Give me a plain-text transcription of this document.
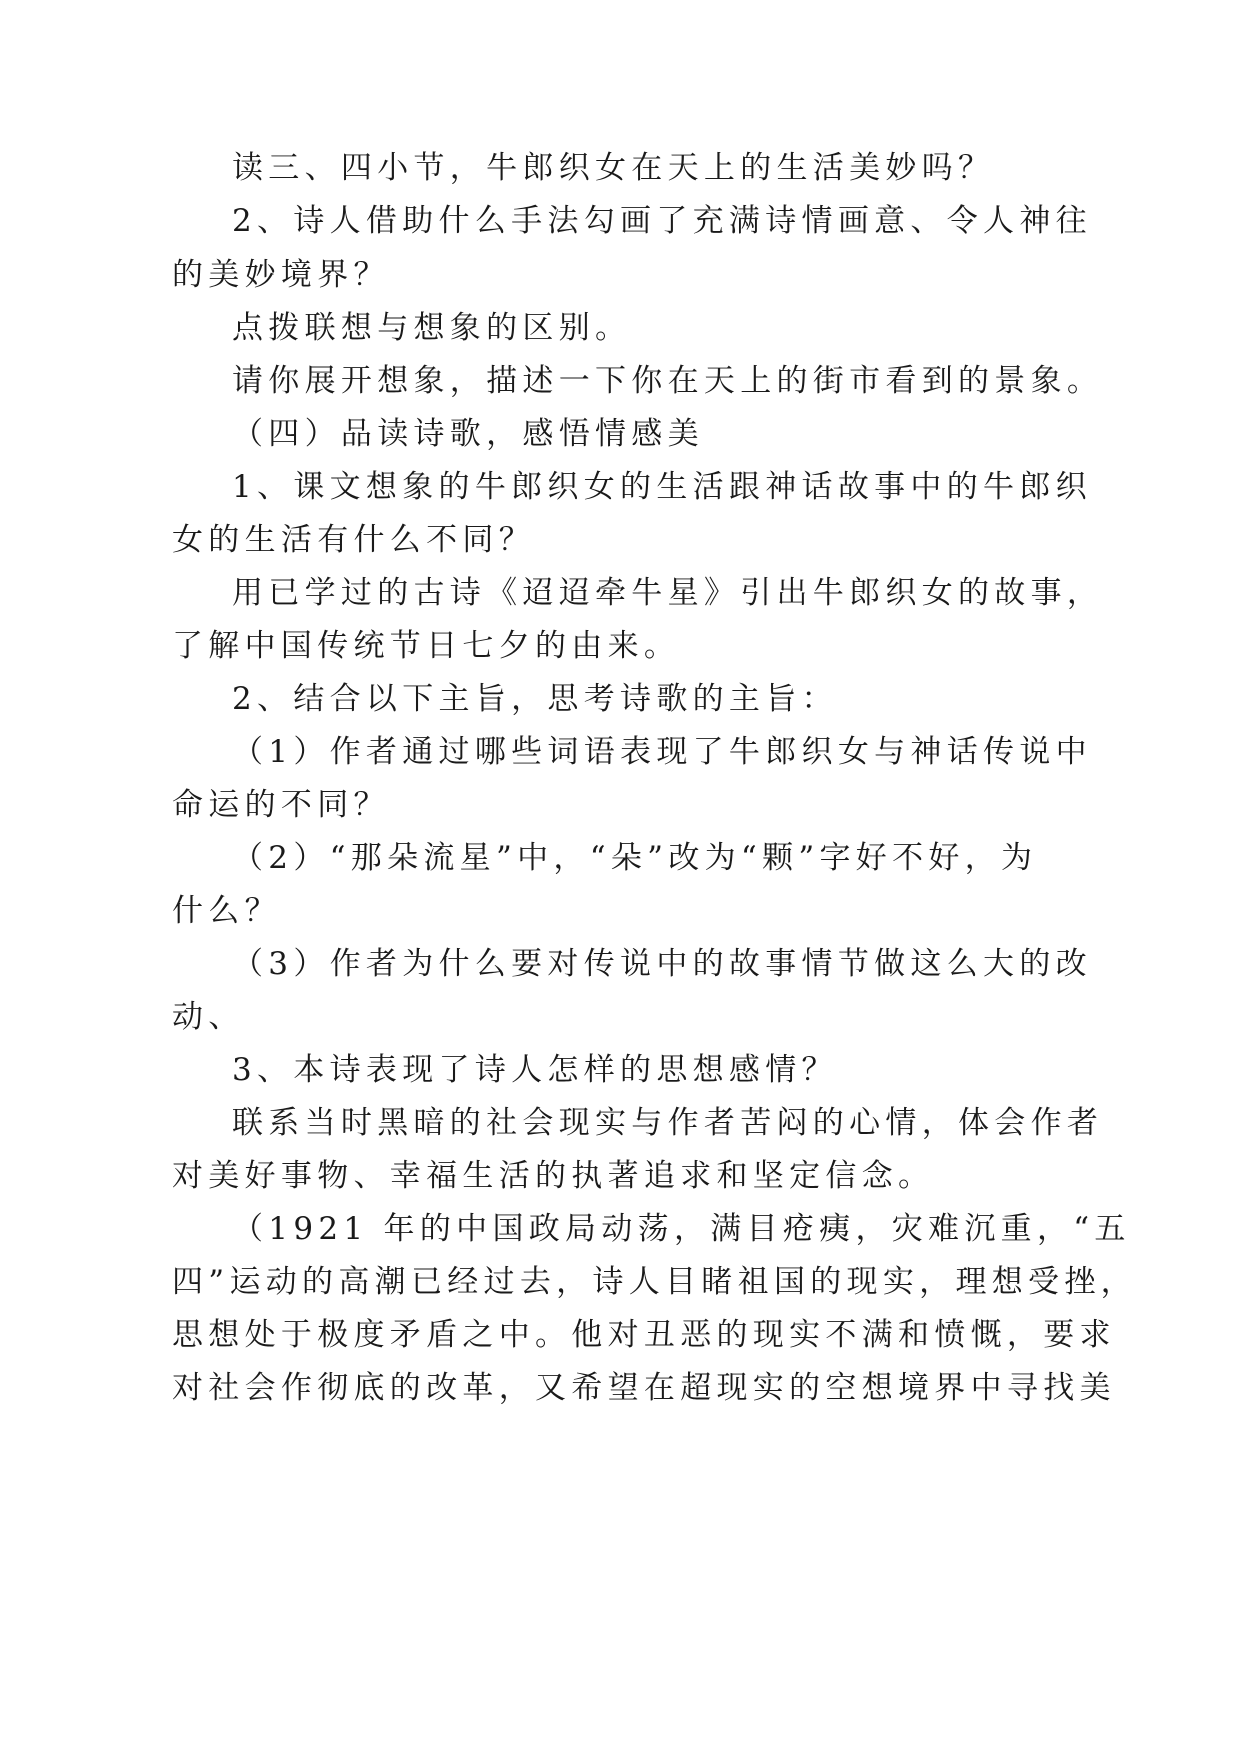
读三、四小节，牛郎织女在天上的生活美妙吗？
2、诗人借助什么手法勾画了充满诗情画意、令人神往
的美妙境界？
点拨联想与想象的区别。
请你展开想象，描述一下你在天上的街市看到的景象。
（四）品读诗歌，感悟情感美
1、课文想象的牛郎织女的生活跟神话故事中的牛郎织
女的生活有什么不同？
用已学过的古诗《迢迢牵牛星》引出牛郎织女的故事，
了解中国传统节日七夕的由来。
2、结合以下主旨，思考诗歌的主旨：
（1）作者通过哪些词语表现了牛郎织女与神话传说中
命运的不同？
（2）“那朵流星”中，“朵”改为“颗”字好不好，为
什么？
（3）作者为什么要对传说中的故事情节做这么大的改
动、
3、本诗表现了诗人怎样的思想感情？
联系当时黑暗的社会现实与作者苦闷的心情，体会作者
对美好事物、幸福生活的执著追求和坚定信念。
（1921 年的中国政局动荡，满目疮痍，灾难沉重，“五
四”运动的高潮已经过去，诗人目睹祖国的现实，理想受挫，
思想处于极度矛盾之中。他对丑恶的现实不满和愤慨，要求
对社会作彻底的改革，又希望在超现实的空想境界中寻找美
